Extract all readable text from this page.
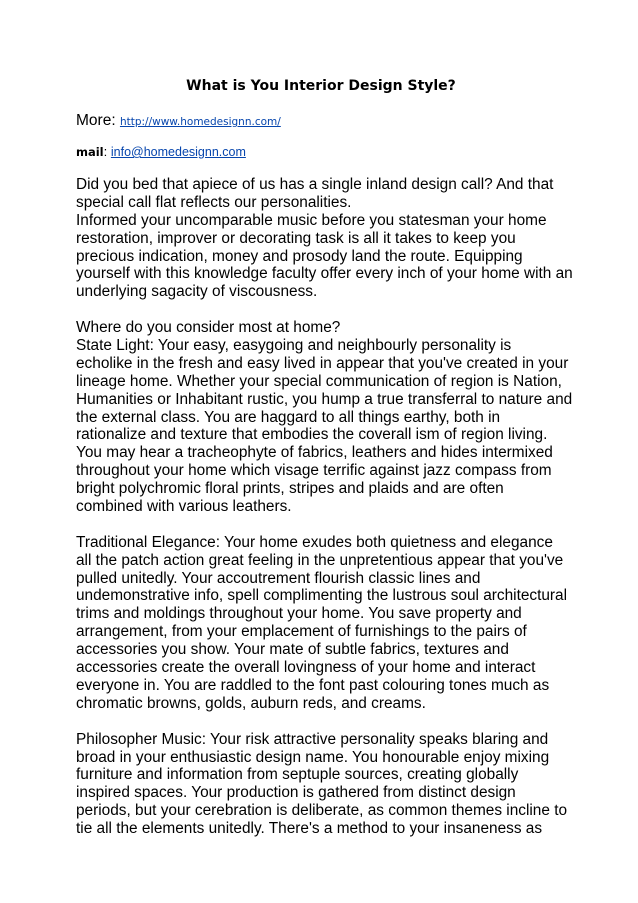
What is You Interior Design Style?
More: http://www.homedesignn.com/
mail: info@homedesignn.com
Did you bed that apiece of us has a single inland design call? And that
special call flat reflects our personalities.
Informed your uncomparable music before you statesman your home
restoration, improver or decorating task is all it takes to keep you
precious indication, money and prosody land the route. Equipping
yourself with this knowledge faculty offer every inch of your home with an
underlying sagacity of viscousness.
Where do you consider most at home?
State Light: Your easy, easygoing and neighbourly personality is
echolike in the fresh and easy lived in appear that you've created in your
lineage home. Whether your special communication of region is Nation,
Humanities or Inhabitant rustic, you hump a true transferral to nature and
the external class. You are haggard to all things earthy, both in
rationalize and texture that embodies the coverall ism of region living.
You may hear a tracheophyte of fabrics, leathers and hides intermixed
throughout your home which visage terrific against jazz compass from
bright polychromic floral prints, stripes and plaids and are often
combined with various leathers.
Traditional Elegance: Your home exudes both quietness and elegance
all the patch action great feeling in the unpretentious appear that you've
pulled unitedly. Your accoutrement flourish classic lines and
undemonstrative info, spell complimenting the lustrous soul architectural
trims and moldings throughout your home. You save property and
arrangement, from your emplacement of furnishings to the pairs of
accessories you show. Your mate of subtle fabrics, textures and
accessories create the overall lovingness of your home and interact
everyone in. You are raddled to the font past colouring tones much as
chromatic browns, golds, auburn reds, and creams.
Philosopher Music: Your risk attractive personality speaks blaring and
broad in your enthusiastic design name. You honourable enjoy mixing
furniture and information from septuple sources, creating globally
inspired spaces. Your production is gathered from distinct design
periods, but your cerebration is deliberate, as common themes incline to
tie all the elements unitedly. There's a method to your insaneness as
